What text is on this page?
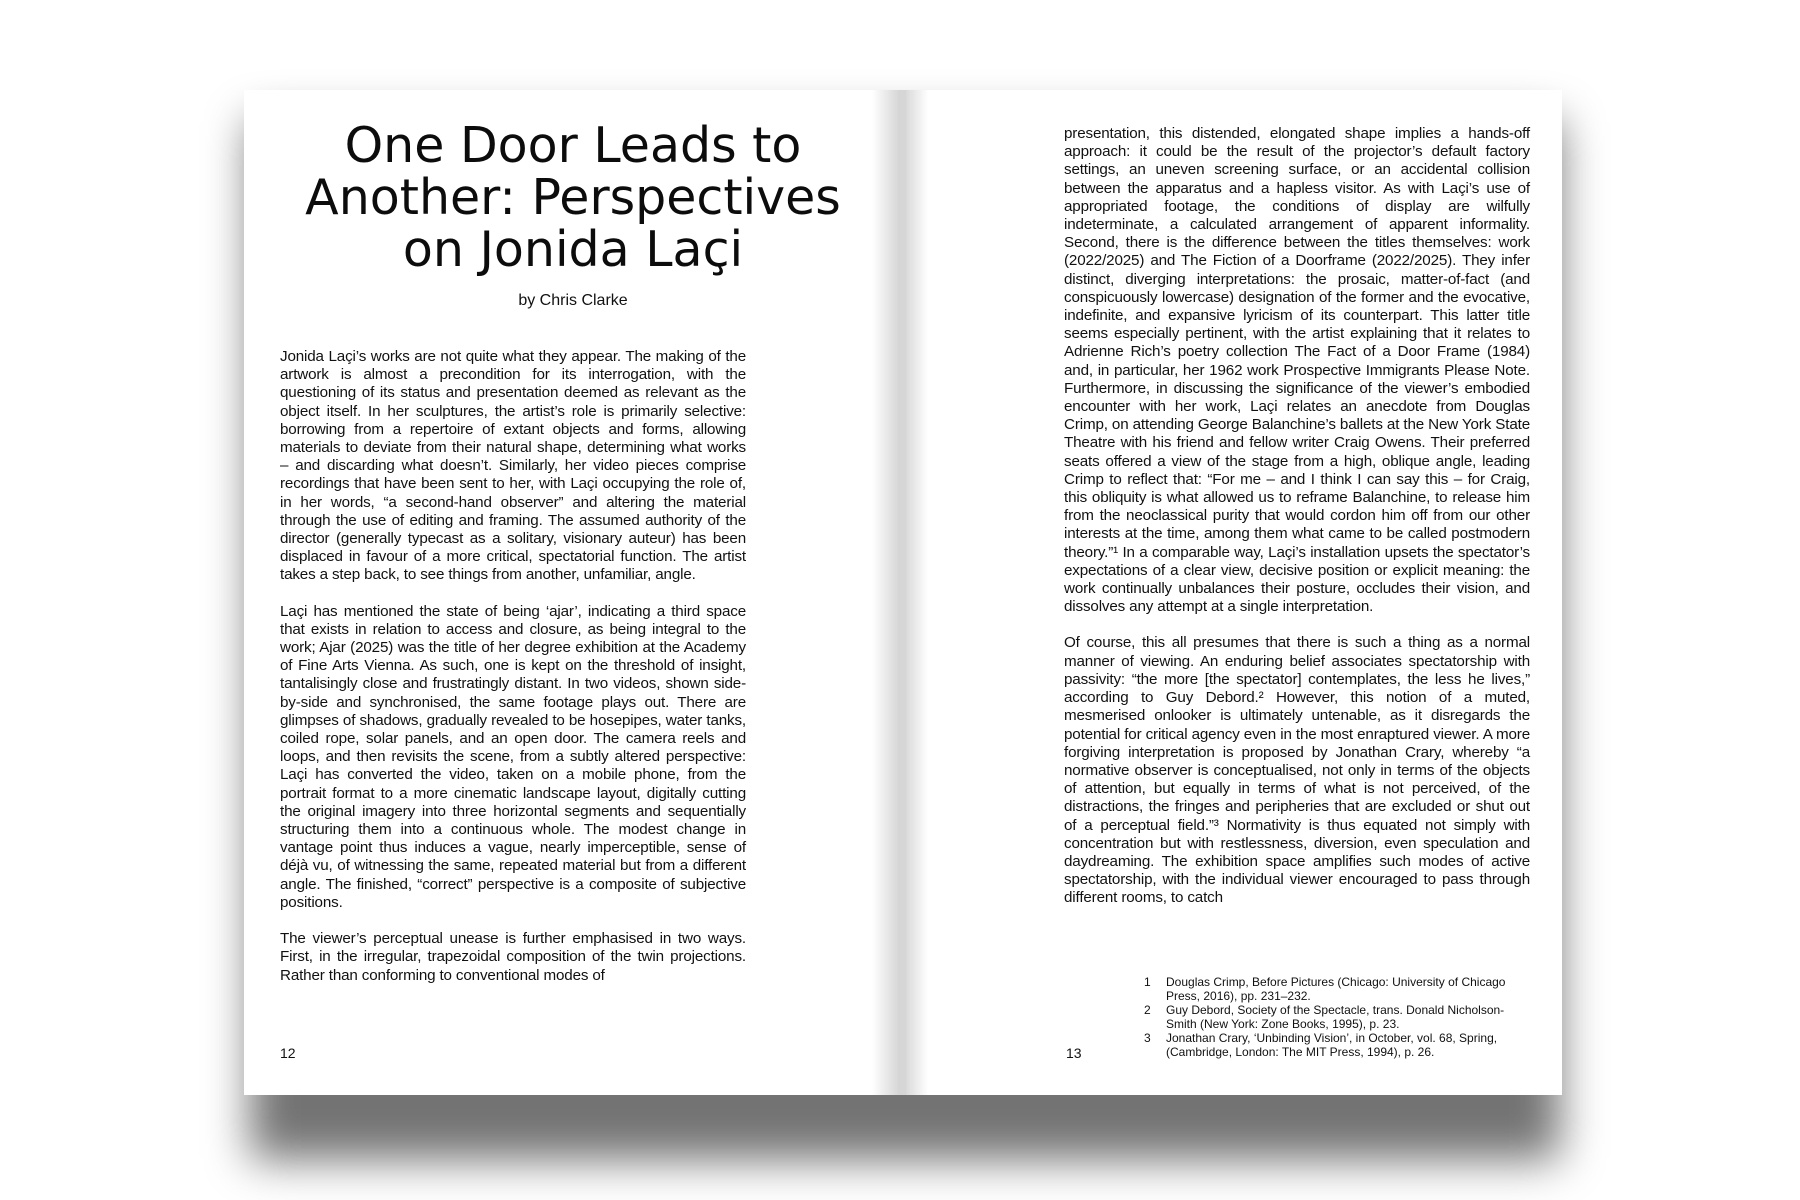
One Door Leads to
Another: Perspectives
on Jonida Laçi
by Chris Clarke

Jonida Laçi’s works are not quite what they appear. The making of the artwork is almost a precondition for its interrogation, with the questioning of its status and presentation deemed as relevant as the object itself. In her sculptures, the artist’s role is primarily selective: borrowing from a repertoire of extant objects and forms, allowing materials to deviate from their natural shape, determining what works – and discarding what doesn’t. Similarly, her video pieces comprise recordings that have been sent to her, with Laçi occupying the role of, in her words, “a second-hand observer” and altering the material through the use of editing and framing. The assumed authority of the director (generally typecast as a solitary, visionary auteur) has been displaced in favour of a more critical, spectatorial function. The artist takes a step back, to see things from another, unfamiliar, angle.

Laçi has mentioned the state of being ‘ajar’, indicating a third space that exists in relation to access and closure, as being integral to the work; Ajar (2025) was the title of her degree exhibition at the Academy of Fine Arts Vienna. As such, one is kept on the threshold of insight, tantalisingly close and frustratingly distant. In two videos, shown side-by-side and synchronised, the same footage plays out. There are glimpses of shadows, gradually revealed to be hosepipes, water tanks, coiled rope, solar panels, and an open door. The camera reels and loops, and then revisits the scene, from a subtly altered perspective: Laçi has converted the video, taken on a mobile phone, from the portrait format to a more cinematic landscape layout, digitally cutting the original imagery into three horizontal segments and sequentially structuring them into a continuous whole. The modest change in vantage point thus induces a vague, nearly imperceptible, sense of déjà vu, of witnessing the same, repeated material but from a different angle. The finished, “correct” perspective is a composite of subjective positions.

The viewer’s perceptual unease is further emphasised in two ways. First, in the irregular, trapezoidal composition of the twin projections. Rather than conforming to conventional modes of

12

presentation, this distended, elongated shape implies a hands-off approach: it could be the result of the projector’s default factory settings, an uneven screening surface, or an accidental collision between the apparatus and a hapless visitor. As with Laçi’s use of appropriated footage, the conditions of display are wilfully indeterminate, a calculated arrangement of apparent informality. Second, there is the difference between the titles themselves: work (2022/2025) and The Fiction of a Doorframe (2022/2025). They infer distinct, diverging interpretations: the prosaic, matter-of-fact (and conspicuously lowercase) designation of the former and the evocative, indefinite, and expansive lyricism of its counterpart. This latter title seems especially pertinent, with the artist explaining that it relates to Adrienne Rich’s poetry collection The Fact of a Door Frame (1984) and, in particular, her 1962 work Prospective Immigrants Please Note. Furthermore, in discussing the significance of the viewer’s embodied encounter with her work, Laçi relates an anecdote from Douglas Crimp, on attending George Balanchine’s ballets at the New York State Theatre with his friend and fellow writer Craig Owens. Their preferred seats offered a view of the stage from a high, oblique angle, leading Crimp to reflect that: “For me – and I think I can say this – for Craig, this obliquity is what allowed us to reframe Balanchine, to release him from the neoclassical purity that would cordon him off from our other interests at the time, among them what came to be called postmodern theory.”¹ In a comparable way, Laçi’s installation upsets the spectator’s expectations of a clear view, decisive position or explicit meaning: the work continually unbalances their posture, occludes their vision, and dissolves any attempt at a single interpretation.

Of course, this all presumes that there is such a thing as a normal manner of viewing. An enduring belief associates spectatorship with passivity: “the more [the spectator] contemplates, the less he lives,” according to Guy Debord.² However, this notion of a muted, mesmerised onlooker is ultimately untenable, as it disregards the potential for critical agency even in the most enraptured viewer. A more forgiving interpretation is proposed by Jonathan Crary, whereby “a normative observer is conceptualised, not only in terms of the objects of attention, but equally in terms of what is not perceived, of the distractions, the fringes and peripheries that are excluded or shut out of a perceptual field.”³ Normativity is thus equated not simply with concentration but with restlessness, diversion, even speculation and daydreaming. The exhibition space amplifies such modes of active spectatorship, with the individual viewer encouraged to pass through different rooms, to catch

1 Douglas Crimp, Before Pictures (Chicago: University of Chicago Press, 2016), pp. 231–232.
2 Guy Debord, Society of the Spectacle, trans. Donald Nicholson-Smith (New York: Zone Books, 1995), p. 23.
3 Jonathan Crary, ‘Unbinding Vision’, in October, vol. 68, Spring, (Cambridge, London: The MIT Press, 1994), p. 26.
13
